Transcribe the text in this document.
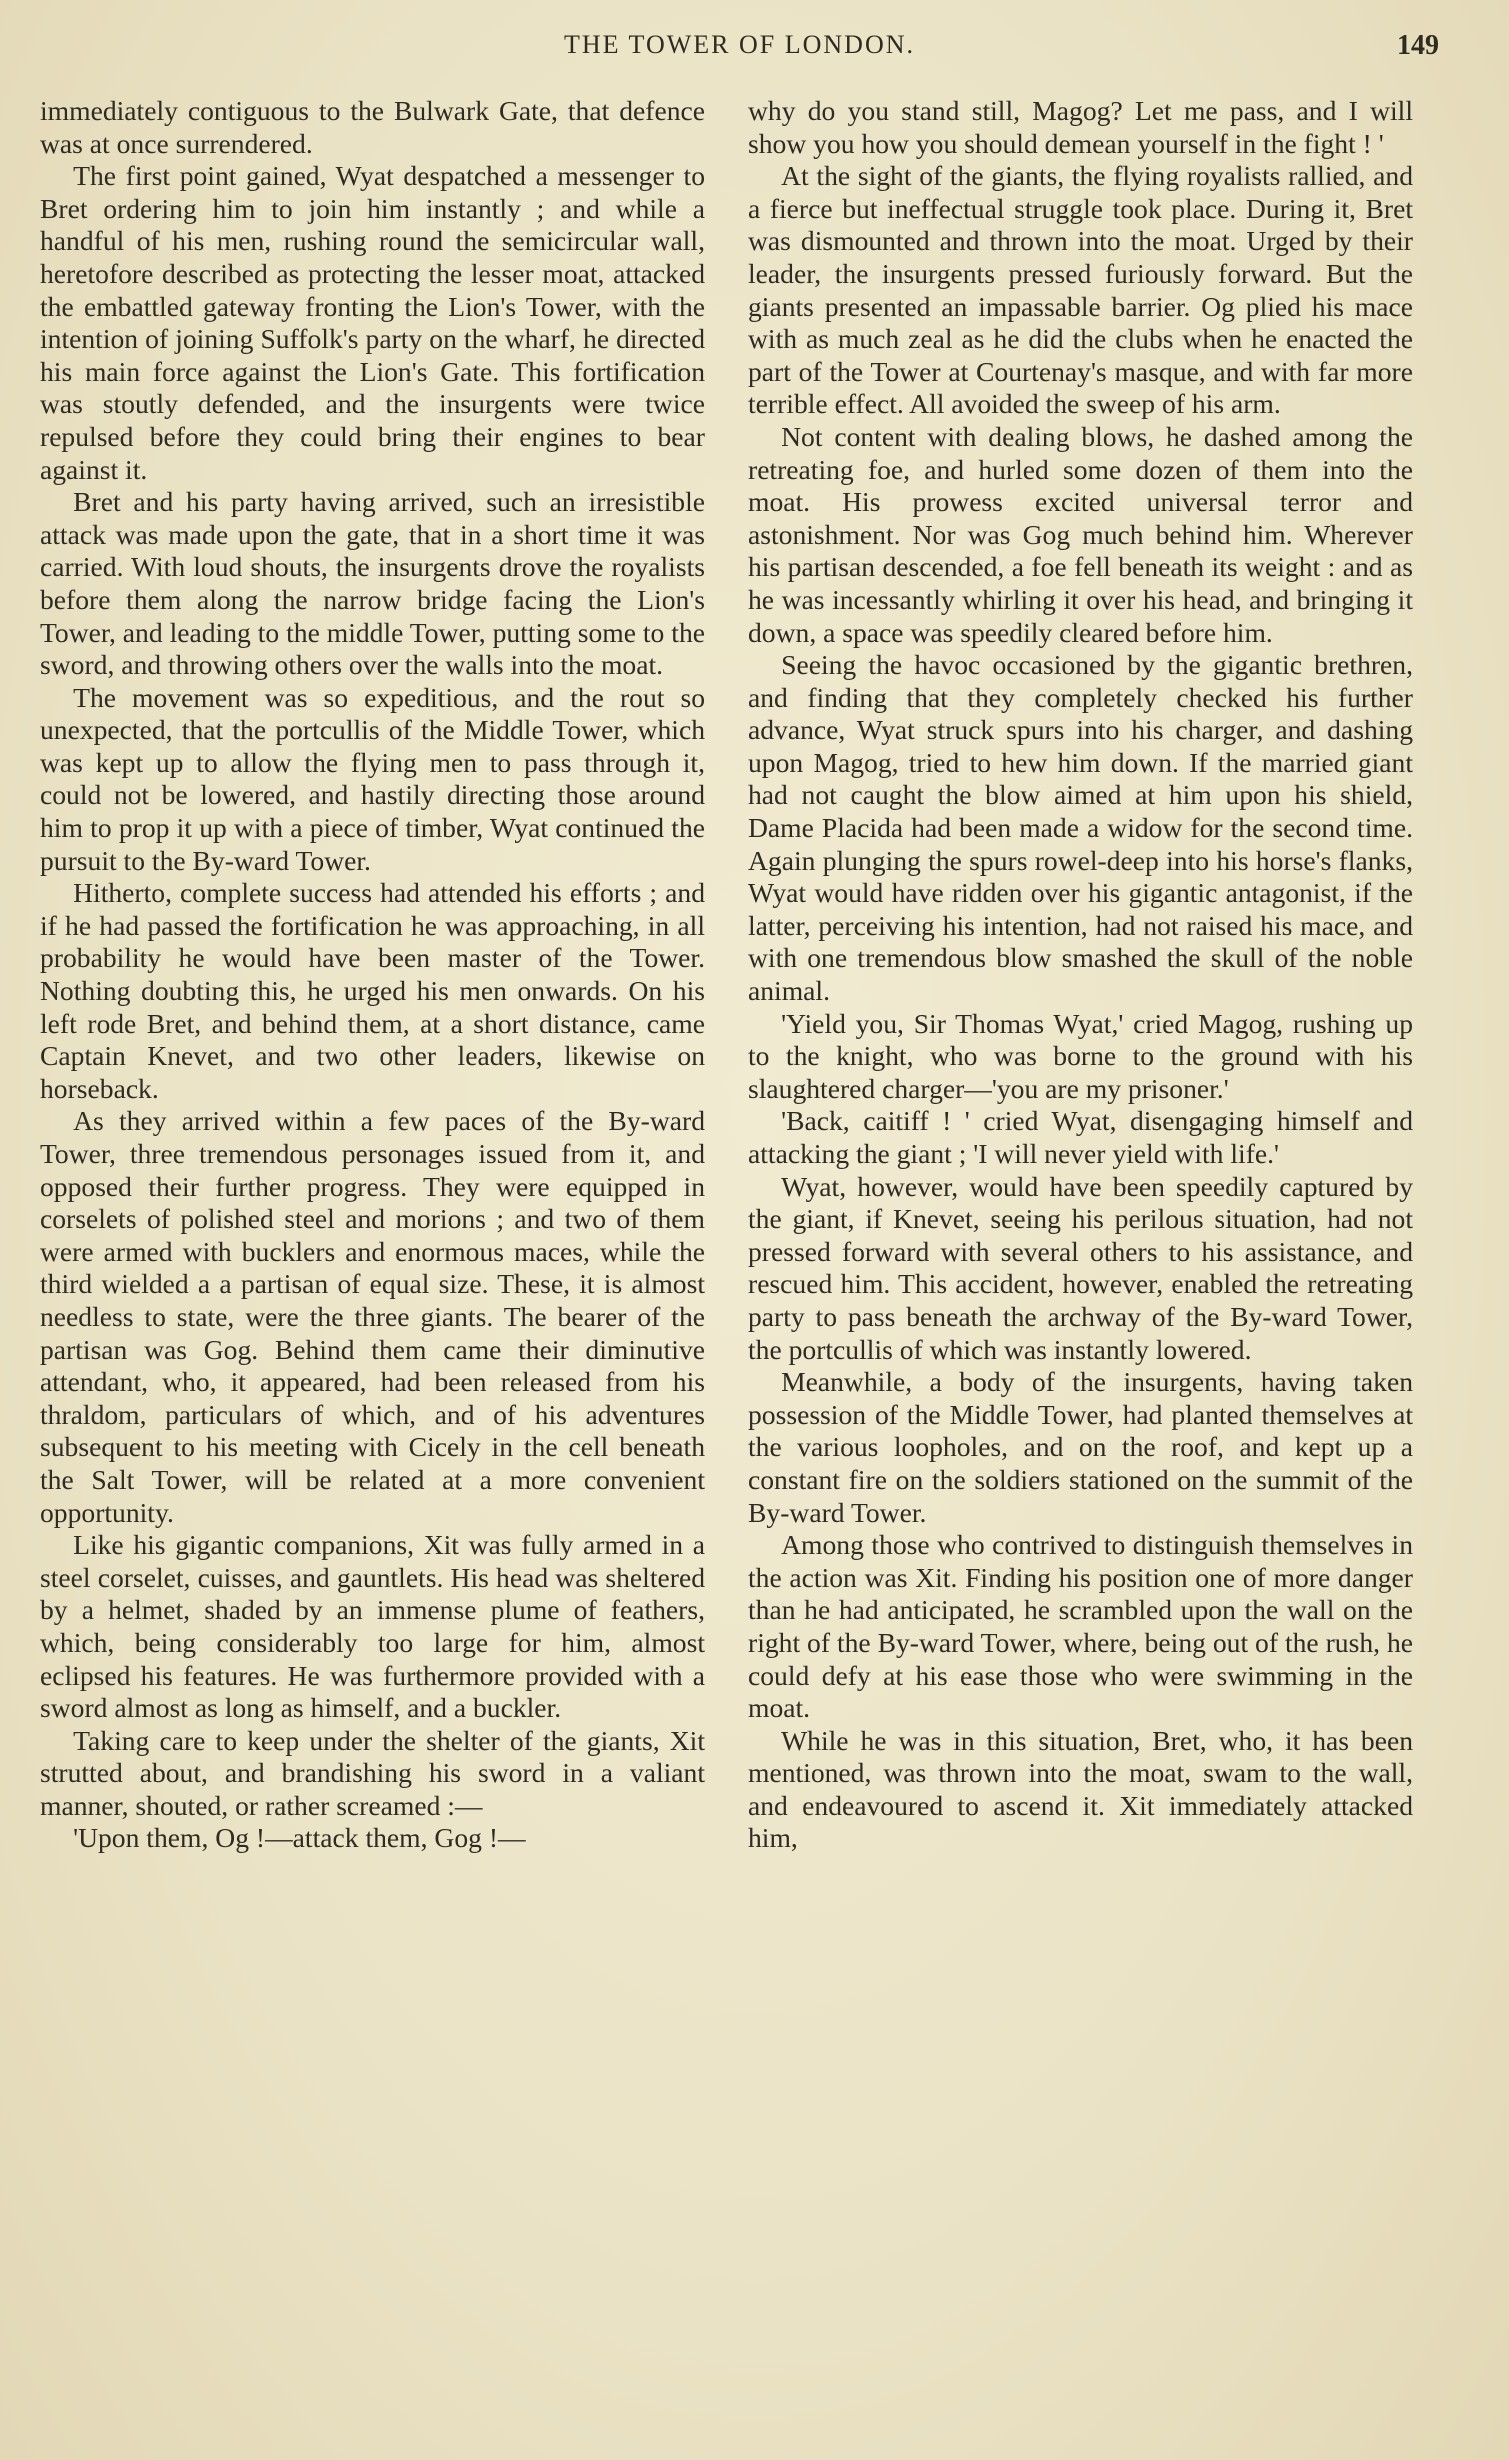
THE TOWER OF LONDON.	149

immediately contiguous to the Bulwark Gate, that defence was at once surrendered.

The first point gained, Wyat despatched a messenger to Bret ordering him to join him instantly ; and while a handful of his men, rushing round the semicircular wall, heretofore described as protecting the lesser moat, attacked the embattled gateway fronting the Lion's Tower, with the intention of joining Suffolk's party on the wharf, he directed his main force against the Lion's Gate. This fortification was stoutly defended, and the insurgents were twice repulsed before they could bring their engines to bear against it.

Bret and his party having arrived, such an irresistible attack was made upon the gate, that in a short time it was carried. With loud shouts, the insurgents drove the royalists before them along the narrow bridge facing the Lion's Tower, and leading to the middle Tower, putting some to the sword, and throwing others over the walls into the moat.

The movement was so expeditious, and the rout so unexpected, that the portcullis of the Middle Tower, which was kept up to allow the flying men to pass through it, could not be lowered, and hastily directing those around him to prop it up with a piece of timber, Wyat continued the pursuit to the By-ward Tower.

Hitherto, complete success had attended his efforts ; and if he had passed the fortification he was approaching, in all probability he would have been master of the Tower. Nothing doubting this, he urged his men onwards. On his left rode Bret, and behind them, at a short distance, came Captain Knevet, and two other leaders, likewise on horseback.

As they arrived within a few paces of the By-ward Tower, three tremendous personages issued from it, and opposed their further progress. They were equipped in corselets of polished steel and morions ; and two of them were armed with bucklers and enormous maces, while the third wielded a a partisan of equal size. These, it is almost needless to state, were the three giants. The bearer of the partisan was Gog. Behind them came their diminutive attendant, who, it appeared, had been released from his thraldom, particulars of which, and of his adventures subsequent to his meeting with Cicely in the cell beneath the Salt Tower, will be related at a more convenient opportunity.

Like his gigantic companions, Xit was fully armed in a steel corselet, cuisses, and gauntlets. His head was sheltered by a helmet, shaded by an immense plume of feathers, which, being considerably too large for him, almost eclipsed his features. He was furthermore provided with a sword almost as long as himself, and a buckler.

Taking care to keep under the shelter of the giants, Xit strutted about, and brandishing his sword in a valiant manner, shouted, or rather screamed :—

'Upon them, Og !—attack them, Gog !—

why do you stand still, Magog? Let me pass, and I will show you how you should demean yourself in the fight ! '

At the sight of the giants, the flying royalists rallied, and a fierce but ineffectual struggle took place. During it, Bret was dismounted and thrown into the moat. Urged by their leader, the insurgents pressed furiously forward. But the giants presented an impassable barrier. Og plied his mace with as much zeal as he did the clubs when he enacted the part of the Tower at Courtenay's masque, and with far more terrible effect. All avoided the sweep of his arm.

Not content with dealing blows, he dashed among the retreating foe, and hurled some dozen of them into the moat. His prowess excited universal terror and astonishment. Nor was Gog much behind him. Wherever his partisan descended, a foe fell beneath its weight : and as he was incessantly whirling it over his head, and bringing it down, a space was speedily cleared before him.

Seeing the havoc occasioned by the gigantic brethren, and finding that they completely checked his further advance, Wyat struck spurs into his charger, and dashing upon Magog, tried to hew him down. If the married giant had not caught the blow aimed at him upon his shield, Dame Placida had been made a widow for the second time. Again plunging the spurs rowel-deep into his horse's flanks, Wyat would have ridden over his gigantic antagonist, if the latter, perceiving his intention, had not raised his mace, and with one tremendous blow smashed the skull of the noble animal.

'Yield you, Sir Thomas Wyat,' cried Magog, rushing up to the knight, who was borne to the ground with his slaughtered charger—'you are my prisoner.'

'Back, caitiff ! ' cried Wyat, disengaging himself and attacking the giant ; 'I will never yield with life.'

Wyat, however, would have been speedily captured by the giant, if Knevet, seeing his perilous situation, had not pressed forward with several others to his assistance, and rescued him. This accident, however, enabled the retreating party to pass beneath the archway of the By-ward Tower, the portcullis of which was instantly lowered.

Meanwhile, a body of the insurgents, having taken possession of the Middle Tower, had planted themselves at the various loopholes, and on the roof, and kept up a constant fire on the soldiers stationed on the summit of the By-ward Tower.

Among those who contrived to distinguish themselves in the action was Xit. Finding his position one of more danger than he had anticipated, he scrambled upon the wall on the right of the By-ward Tower, where, being out of the rush, he could defy at his ease those who were swimming in the moat.

While he was in this situation, Bret, who, it has been mentioned, was thrown into the moat, swam to the wall, and endeavoured to ascend it. Xit immediately attacked him,
